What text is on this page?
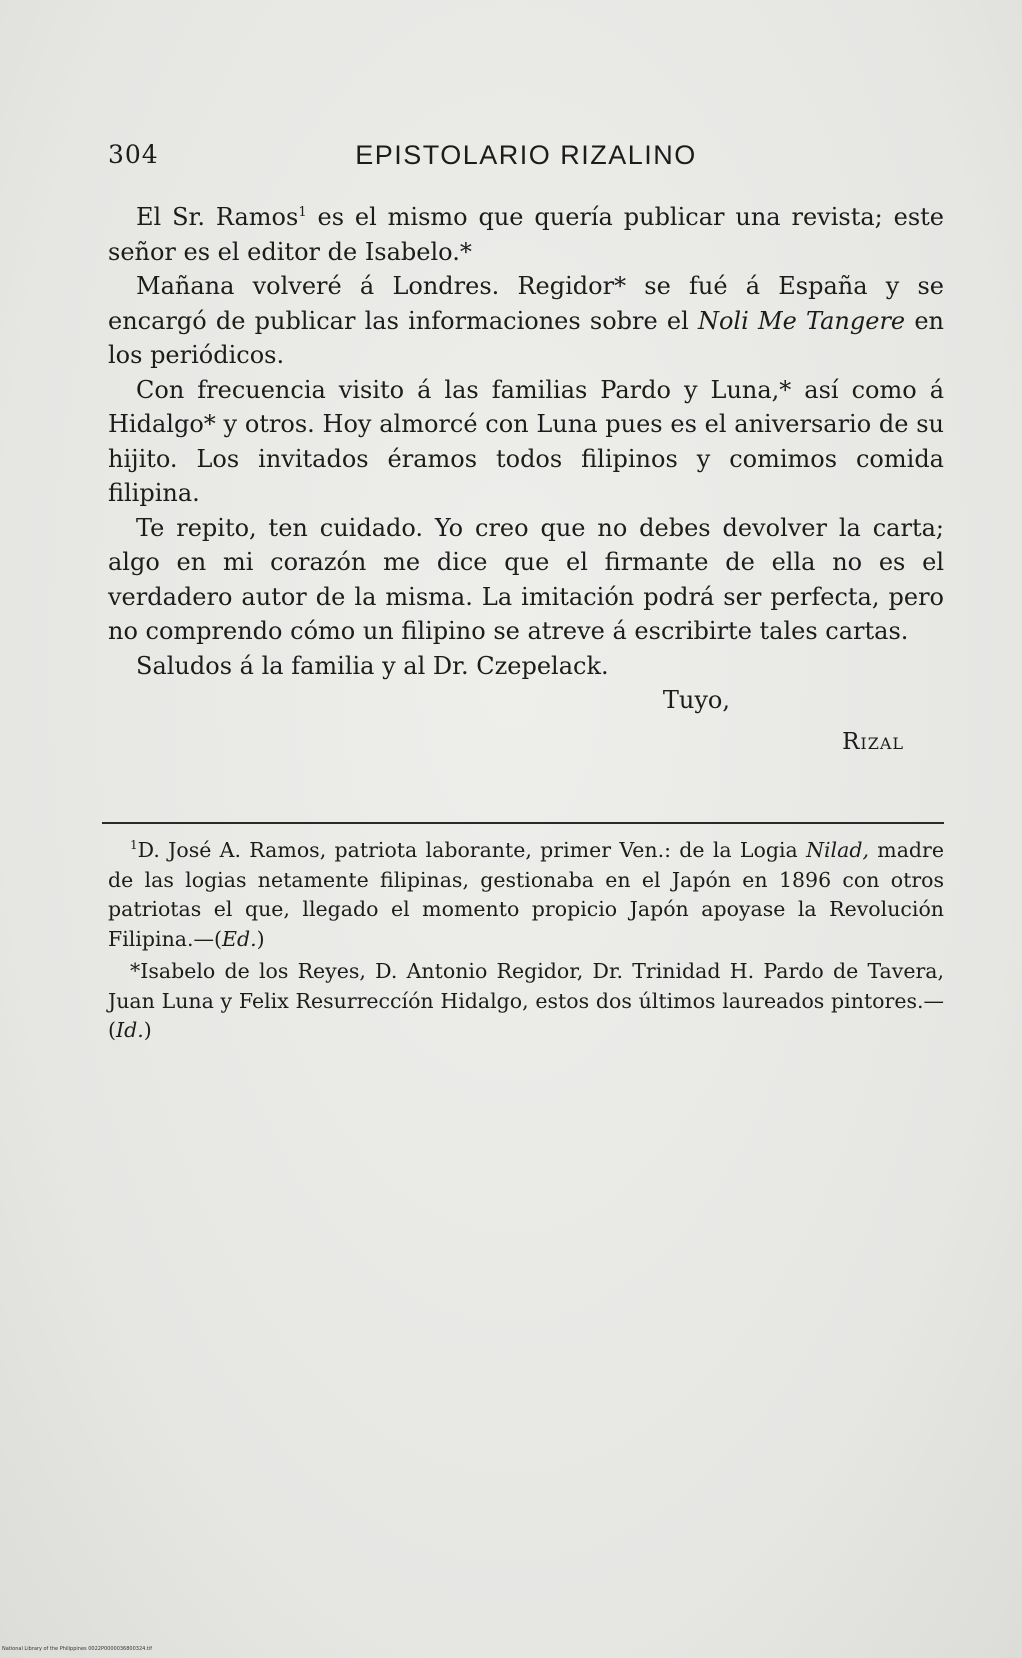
304	EPISTOLARIO RIZALINO

El Sr. Ramos$^1$ es el mismo que quería publicar una revista; este señor es el editor de Isabelo.*

Mañana volveré á Londres. Regidor* se fué á España y se encargó de publicar las informaciones sobre el Noli Me Tangere en los periódicos.

Con frecuencia visito á las familias Pardo y Luna,* así como á Hidalgo* y otros. Hoy almorcé con Luna pues es el aniversario de su hijito. Los invitados éramos todos filipinos y comimos comida filipina.

Te repito, ten cuidado. Yo creo que no debes devolver la carta; algo en mi corazón me dice que el firmante de ella no es el verdadero autor de la misma. La imitación podrá ser perfecta, pero no comprendo cómo un filipino se atreve á escribirte tales cartas.

Saludos á la familia y al Dr. Czepelack.

Tuyo,
Rizal

$^1$D. José A. Ramos, patriota laborante, primer Ven.: de la Logia Nilad, madre de las logias netamente filipinas, gestionaba en el Japón en 1896 con otros patriotas el que, llegado el momento propicio Japón apoyase la Revolución Filipina.—(Ed.)

*Isabelo de los Reyes, D. Antonio Regidor, Dr. Trinidad H. Pardo de Tavera, Juan Luna y Felix Resurreccíón Hidalgo, estos dos últimos laureados pintores.—(Id.)

National Library of the Philippines 0022P0000036800324.tif
